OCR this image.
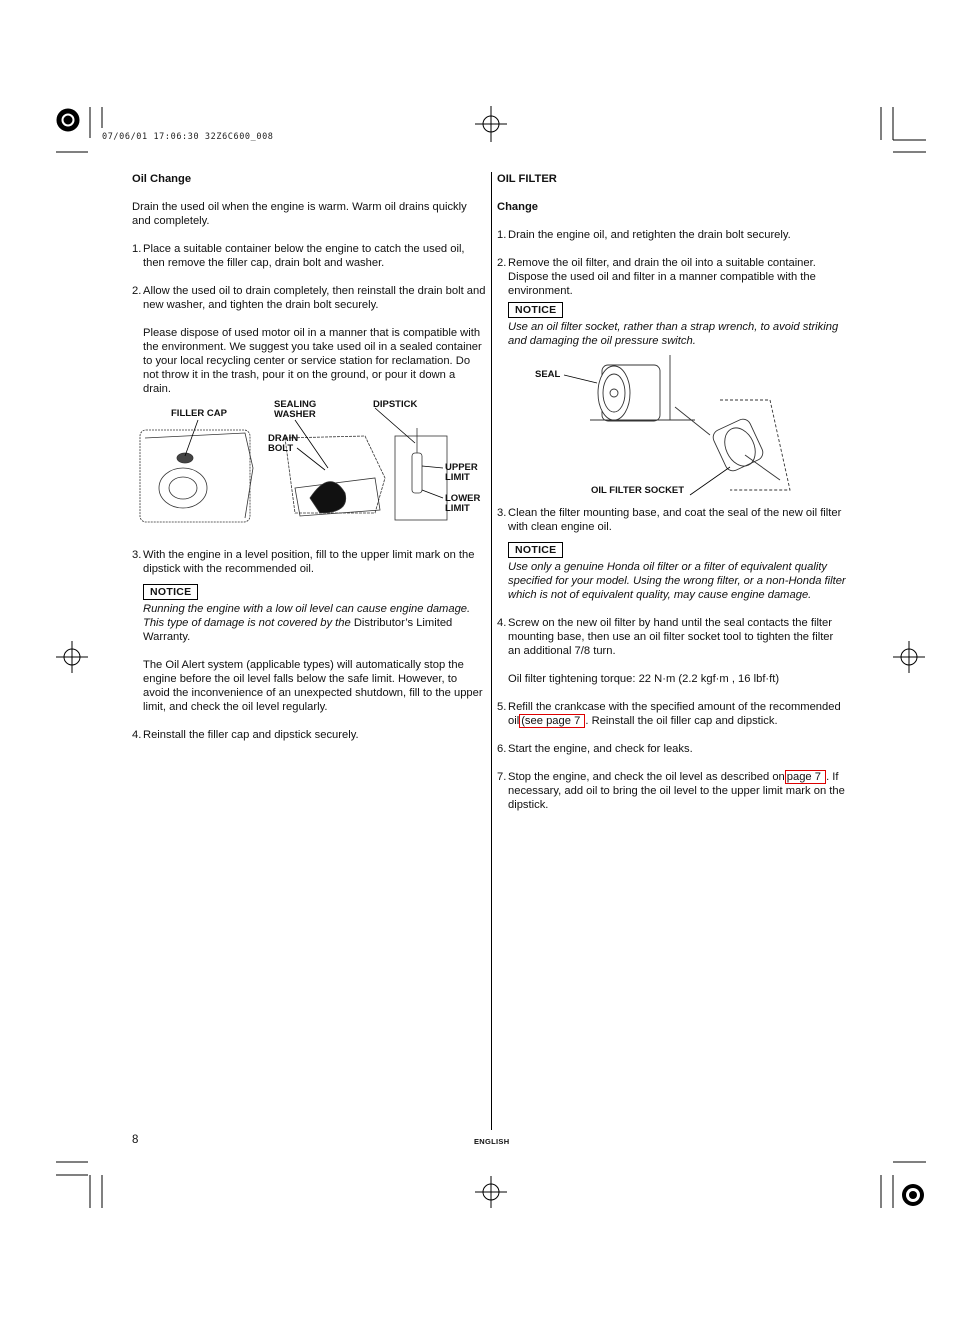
07/06/01 17:06:30 32Z6C600_008
Oil Change
Drain the used oil when the engine is warm. Warm oil drains quickly and completely.
1. Place a suitable container below the engine to catch the used oil, then remove the filler cap, drain bolt and washer.
2. Allow the used oil to drain completely, then reinstall the drain bolt and new washer, and tighten the drain bolt securely.
Please dispose of used motor oil in a manner that is compatible with the environment. We suggest you take used oil in a sealed container to your local recycling center or service station for reclamation. Do not throw it in the trash, pour it on the ground, or pour it down a drain.
FILLER CAP
SEALING
WASHER
DIPSTICK
DRAIN
BOLT
UPPER
LIMIT
LOWER
LIMIT
3. With the engine in a level position, fill to the upper limit mark on the dipstick with the recommended oil.
NOTICE
Running the engine with a low oil level can cause engine damage. This type of damage is not covered by the Distributor’s Limited Warranty.
The Oil Alert system (applicable types) will automatically stop the engine before the oil level falls below the safe limit. However, to avoid the inconvenience of an unexpected shutdown, fill to the upper limit, and check the oil level regularly.
4. Reinstall the filler cap and dipstick securely.
OIL FILTER
Change
1. Drain the engine oil, and retighten the drain bolt securely.
2. Remove the oil filter, and drain the oil into a suitable container. Dispose the used oil and filter in a manner compatible with the environment.
NOTICE
Use an oil filter socket, rather than a strap wrench, to avoid striking and damaging the oil pressure switch.
SEAL
OIL FILTER SOCKET
3. Clean the filter mounting base, and coat the seal of the new oil filter with clean engine oil.
NOTICE
Use only a genuine Honda oil filter or a filter of equivalent quality specified for your model. Using the wrong filter, or a non-Honda filter which is not of equivalent quality, may cause engine damage.
4. Screw on the new oil filter by hand until the seal contacts the filter mounting base, then use an oil filter socket tool to tighten the filter an additional 7/8 turn.
Oil filter tightening torque: 22 N·m (2.2 kgf·m , 16 lbf·ft)
5. Refill the crankcase with the specified amount of the recommended oil (see page 7 . Reinstall the oil filler cap and dipstick.
6. Start the engine, and check for leaks.
7. Stop the engine, and check the oil level as described on page 7 . If necessary, add oil to bring the oil level to the upper limit mark on the dipstick.
8	ENGLISH
